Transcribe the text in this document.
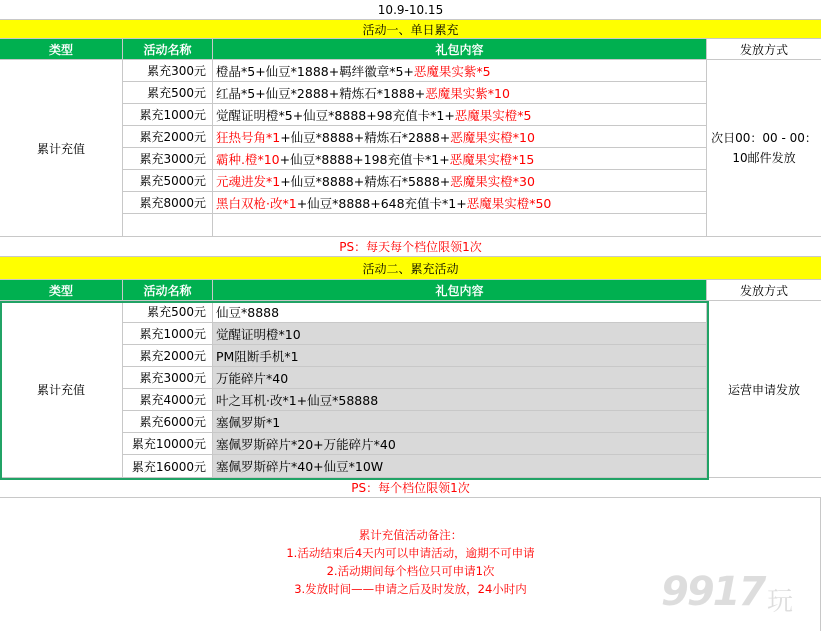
10.9-10.15
活动一、单日累充
类型	活动名称	礼包内容	发放方式
累充300元 橙晶*5+仙豆*1888+羁绊徽章*5+ 恶魔果实紫*5
累充500元 红晶*5+仙豆*2888+精炼石*1888+ 恶魔果实紫*10
累充1000元 觉醒证明橙*5+仙豆*8888+98充值卡*1+ 恶魔果实橙*5
累充2000元 狂热号角*1 +仙豆*8888+精炼石*2888+ 恶魔果实橙*10
累充3000元 霸种.橙*10 +仙豆*8888+198充值卡*1+ 恶魔果实橙*15
累充5000元 元魂进发*1 +仙豆*8888+精炼石*5888+ 恶魔果实橙*30
累充8000元 黑白双枪·改*1 +仙豆*8888+648充值卡*1+ 恶魔果实橙*50
累计充值
次日00：00 - 00：
10邮件发放
PS：每天每个档位限领1次
活动二、累充活动
类型	活动名称	礼包内容	发放方式
累充500元 仙豆*8888
累充1000元 觉醒证明橙*10
累充2000元 PM阻断手机*1
累充3000元 万能碎片*40
累充4000元 叶之耳机·改*1+仙豆*58888
累充6000元 塞佩罗斯*1
累充10000元 塞佩罗斯碎片*20+万能碎片*40
累充16000元 塞佩罗斯碎片*40+仙豆*10W
累计充值	运营申请发放
PS：每个档位限领1次
累计充值活动备注：
1.活动结束后4天内可以申请活动，逾期不可申请
2.活动期间每个档位只可申请1次
3.发放时间——申请之后及时发放，24小时内	9917 玩
